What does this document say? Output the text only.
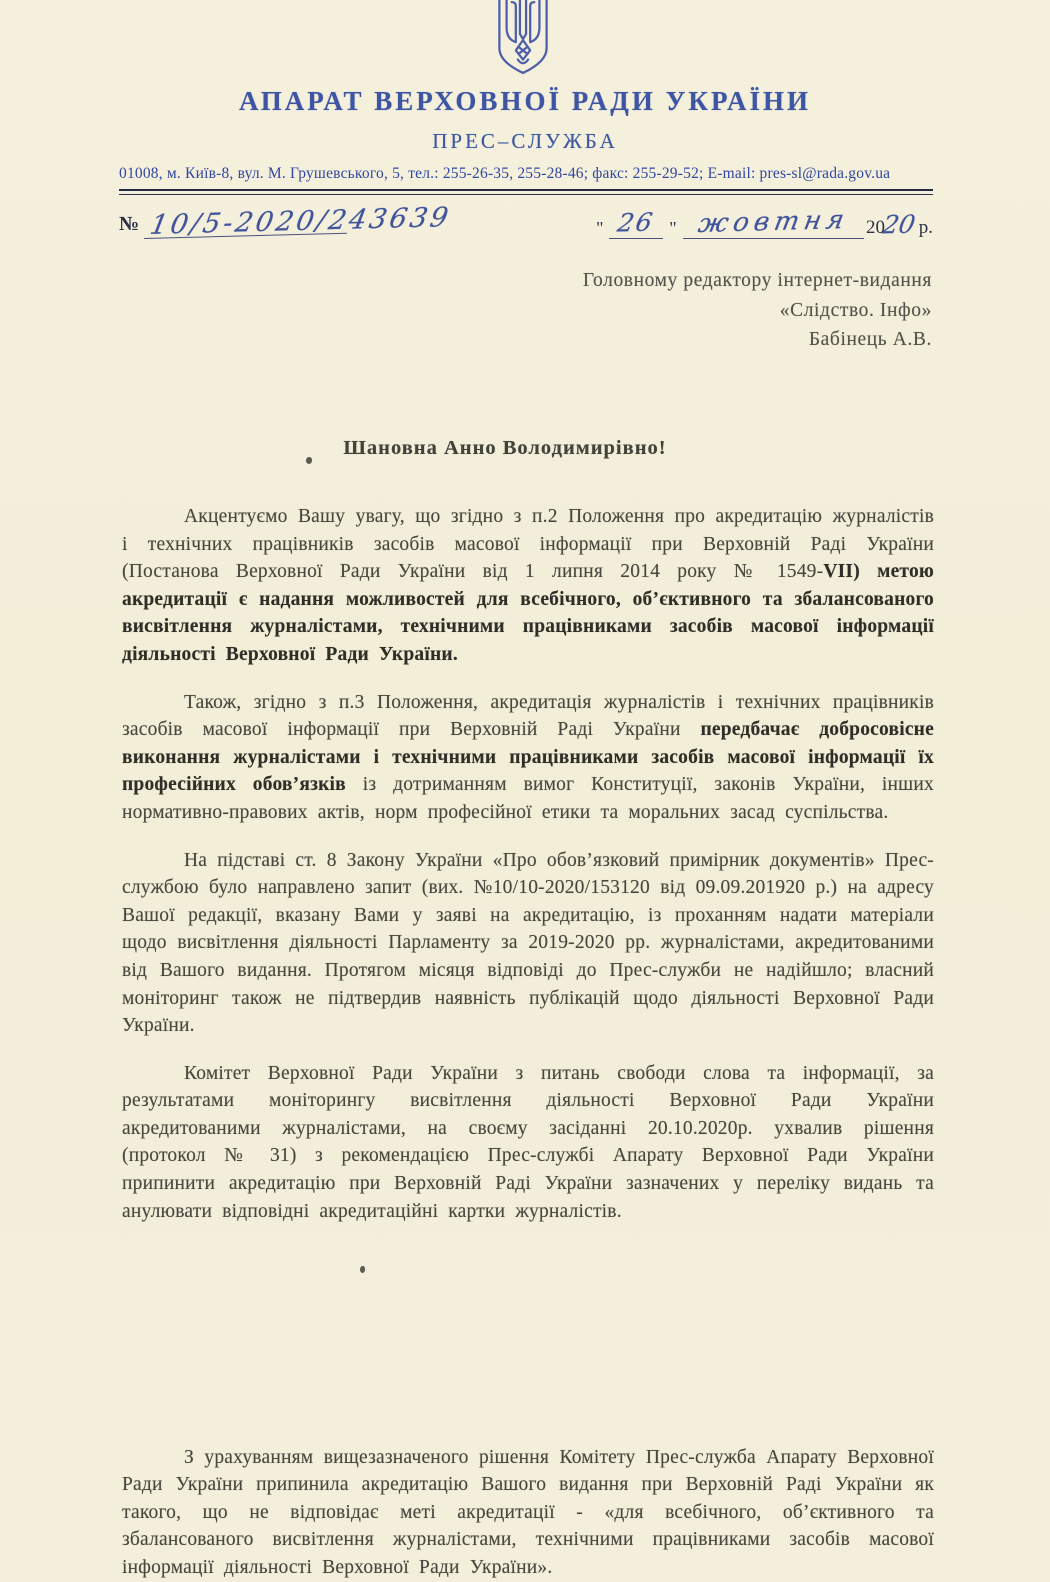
АПАРАТ ВЕРХОВНОЇ РАДИ УКРАЇНИ
ПРЕС–СЛУЖБА
01008, м. Київ-8, вул. М. Грушевського, 5, тел.: 255-26-35, 255-28-46; факс: 255-29-52; E-mail: pres-sl@rada.gov.ua
№ 10/5-2020/243639	" 26 " жовтня 20
20 р.
Головному редактору інтернет-видання
«Слідство. Інфо»
Бабінець А.В.
Шановна Анно Володимирівно!

Акцентуємо Вашу увагу, що згідно з п.2 Положення про акредитацію журналістів і технічних працівників засобів масової інформації при Верховній Раді України (Постанова Верховної Ради України від 1 липня 2014 року № 1549-VII) метою акредитації є надання можливостей для всебічного, об’єктивного та збалансованого висвітлення журналістами, технічними працівниками засобів масової інформації діяльності Верховної Ради України.

Також, згідно з п.3 Положення, акредитація журналістів і технічних працівників засобів масової інформації при Верховній Раді України передбачає добросовісне виконання журналістами і технічними працівниками засобів масової інформації їх професійних обов’язків із дотриманням вимог Конституції, законів України, інших нормативно-правових актів, норм професійної етики та моральних засад суспільства.

На підставі ст. 8 Закону України «Про обов’язковий примірник документів» Прес-службою було направлено запит (вих. №10/10-2020/153120 від 09.09.201920 р.) на адресу Вашої редакції, вказану Вами у заяві на акредитацію, із проханням надати матеріали щодо висвітлення діяльності Парламенту за 2019-2020 рр. журналістами, акредитованими від Вашого видання. Протягом місяця відповіді до Прес-служби не надійшло; власний моніторинг також не підтвердив наявність публікацій щодо діяльності Верховної Ради України.

Комітет Верховної Ради України з питань свободи слова та інформації, за результатами моніторингу висвітлення діяльності Верховної Ради України акредитованими журналістами, на своєму засіданні 20.10.2020р. ухвалив рішення (протокол № 31) з рекомендацією Прес-службі Апарату Верховної Ради України припинити акредитацію при Верховній Раді України зазначених у переліку видань та анулювати відповідні акредитаційні картки журналістів.

З урахуванням вищезазначеного рішення Комітету Прес-служба Апарату Верховної Ради України припинила акредитацію Вашого видання при Верховній Раді України як такого, що не відповідає меті акредитації - «для всебічного, об’єктивного та збалансованого висвітлення журналістами, технічними працівниками засобів масової інформації діяльності Верховної Ради України».
